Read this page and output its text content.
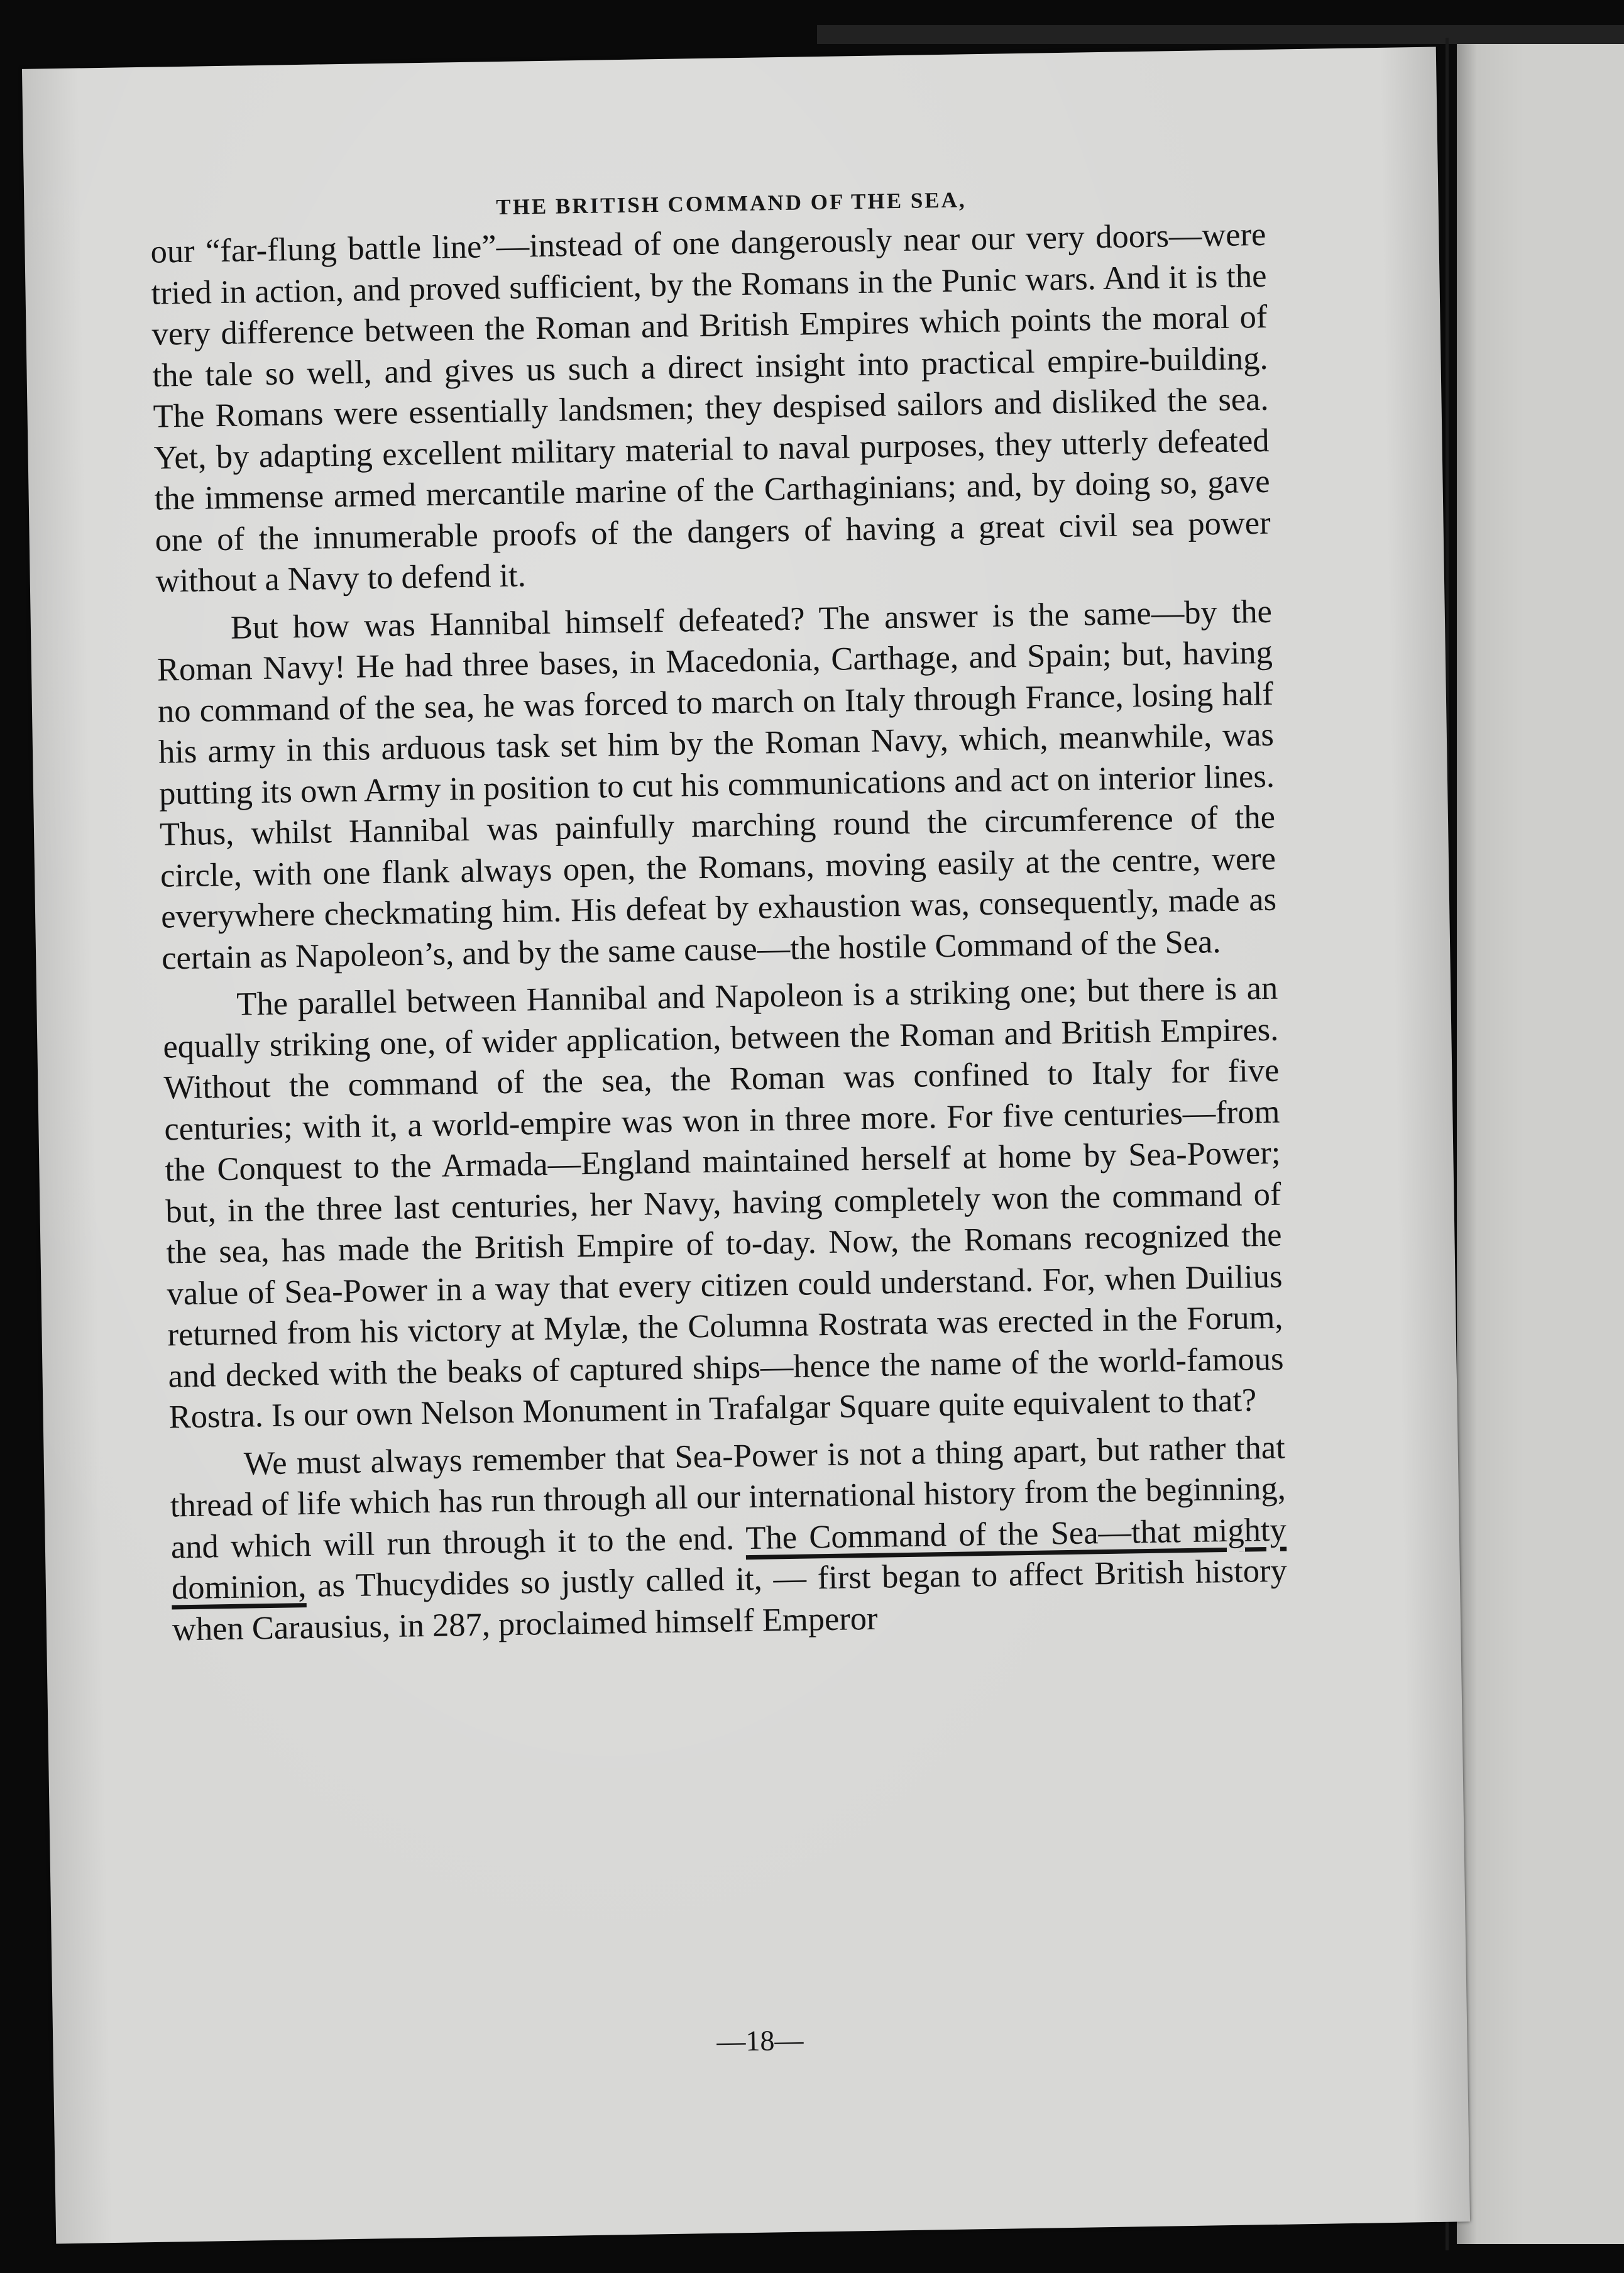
THE BRITISH COMMAND OF THE SEA,

our “far-flung battle line”—instead of one dangerously near our very doors—were tried in action, and proved sufficient, by the Romans in the Punic wars. And it is the very difference between the Roman and British Empires which points the moral of the tale so well, and gives us such a direct insight into practical empire-building. The Romans were essentially landsmen; they despised sailors and disliked the sea. Yet, by adapting excellent military material to naval purposes, they utterly defeated the immense armed mercantile marine of the Carthaginians; and, by doing so, gave one of the innumerable proofs of the dangers of having a great civil sea power without a Navy to defend it.

But how was Hannibal himself defeated? The answer is the same—by the Roman Navy! He had three bases, in Macedonia, Carthage, and Spain; but, having no command of the sea, he was forced to march on Italy through France, losing half his army in this arduous task set him by the Roman Navy, which, meanwhile, was putting its own Army in position to cut his communications and act on interior lines. Thus, whilst Hannibal was painfully marching round the circumference of the circle, with one flank always open, the Romans, moving easily at the centre, were everywhere checkmating him. His defeat by exhaustion was, consequently, made as certain as Napoleon’s, and by the same cause—the hostile Command of the Sea.

The parallel between Hannibal and Napoleon is a striking one; but there is an equally striking one, of wider application, between the Roman and British Empires. Without the command of the sea, the Roman was confined to Italy for five centuries; with it, a world-empire was won in three more. For five centuries—from the Conquest to the Armada—England maintained herself at home by Sea-Power; but, in the three last centuries, her Navy, having completely won the command of the sea, has made the British Empire of to-day. Now, the Romans recognized the value of Sea-Power in a way that every citizen could understand. For, when Duilius returned from his victory at Mylæ, the Columna Rostrata was erected in the Forum, and decked with the beaks of captured ships—hence the name of the world-famous Rostra. Is our own Nelson Monument in Trafalgar Square quite equivalent to that?

We must always remember that Sea-Power is not a thing apart, but rather that thread of life which has run through all our international history from the beginning, and which will run through it to the end. The Command of the Sea—that mighty dominion, as Thucydides so justly called it, — first began to affect British history when Carausius, in 287, proclaimed himself Emperor

—18—
